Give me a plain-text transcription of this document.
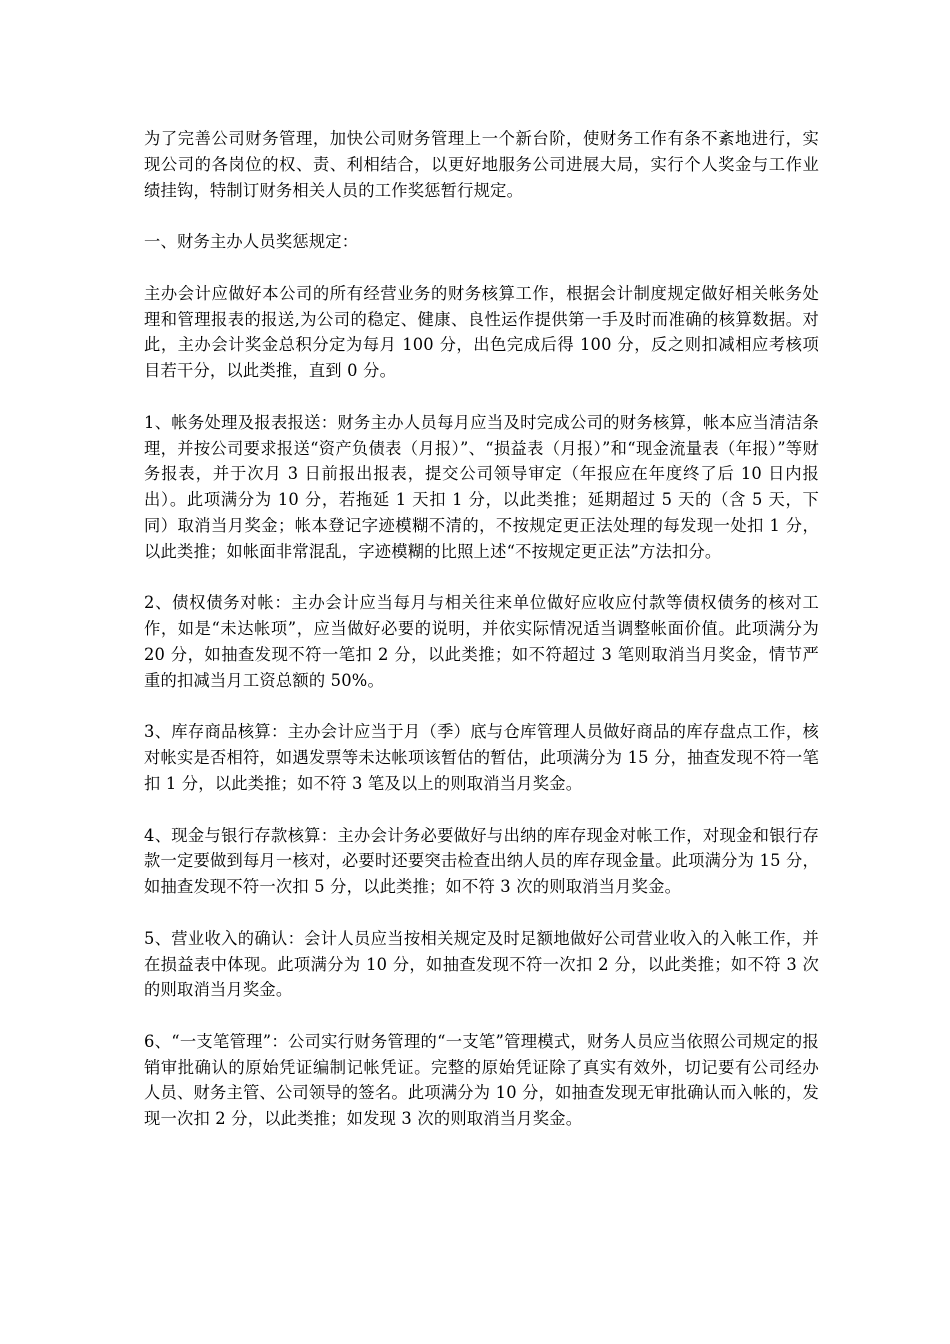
为了完善公司财务管理，加快公司财务管理上一个新台阶，使财务工作有条不紊地进行，实现公司的各岗位的权、责、利相结合，以更好地服务公司进展大局，实行个人奖金与工作业绩挂钩，特制订财务相关人员的工作奖惩暂行规定。

一、财务主办人员奖惩规定：

主办会计应做好本公司的所有经营业务的财务核算工作，根据会计制度规定做好相关帐务处理和管理报表的报送,为公司的稳定、健康、良性运作提供第一手及时而准确的核算数据。对此，主办会计奖金总积分定为每月 100 分，出色完成后得 100 分，反之则扣减相应考核项目若干分，以此类推，直到 0 分。

1、帐务处理及报表报送：财务主办人员每月应当及时完成公司的财务核算，帐本应当清洁条理，并按公司要求报送“资产负债表（月报）”、“损益表（月报）”和“现金流量表（年报）”等财务报表，并于次月 3 日前报出报表，提交公司领导审定（年报应在年度终了后 10 日内报出）。此项满分为 10 分，若拖延 1 天扣 1 分，以此类推；延期超过 5 天的（含 5 天，下同）取消当月奖金；帐本登记字迹模糊不清的，不按规定更正法处理的每发现一处扣 1 分，以此类推；如帐面非常混乱，字迹模糊的比照上述“不按规定更正法”方法扣分。

2、债权债务对帐：主办会计应当每月与相关往来单位做好应收应付款等债权债务的核对工作，如是“未达帐项”，应当做好必要的说明，并依实际情况适当调整帐面价值。此项满分为 20 分，如抽查发现不符一笔扣 2 分，以此类推；如不符超过 3 笔则取消当月奖金，情节严重的扣减当月工资总额的 50%。

3、库存商品核算：主办会计应当于月（季）底与仓库管理人员做好商品的库存盘点工作，核对帐实是否相符，如遇发票等未达帐项该暂估的暂估，此项满分为 15 分，抽查发现不符一笔扣 1 分，以此类推；如不符 3 笔及以上的则取消当月奖金。

4、现金与银行存款核算：主办会计务必要做好与出纳的库存现金对帐工作，对现金和银行存款一定要做到每月一核对，必要时还要突击检查出纳人员的库存现金量。此项满分为 15 分，如抽查发现不符一次扣 5 分，以此类推；如不符 3 次的则取消当月奖金。

5、营业收入的确认：会计人员应当按相关规定及时足额地做好公司营业收入的入帐工作，并在损益表中体现。此项满分为 10 分，如抽查发现不符一次扣 2 分，以此类推；如不符 3 次的则取消当月奖金。

6、“一支笔管理”：公司实行财务管理的“一支笔”管理模式，财务人员应当依照公司规定的报销审批确认的原始凭证编制记帐凭证。完整的原始凭证除了真实有效外，切记要有公司经办人员、财务主管、公司领导的签名。此项满分为 10 分，如抽查发现无审批确认而入帐的，发现一次扣 2 分，以此类推；如发现 3 次的则取消当月奖金。
